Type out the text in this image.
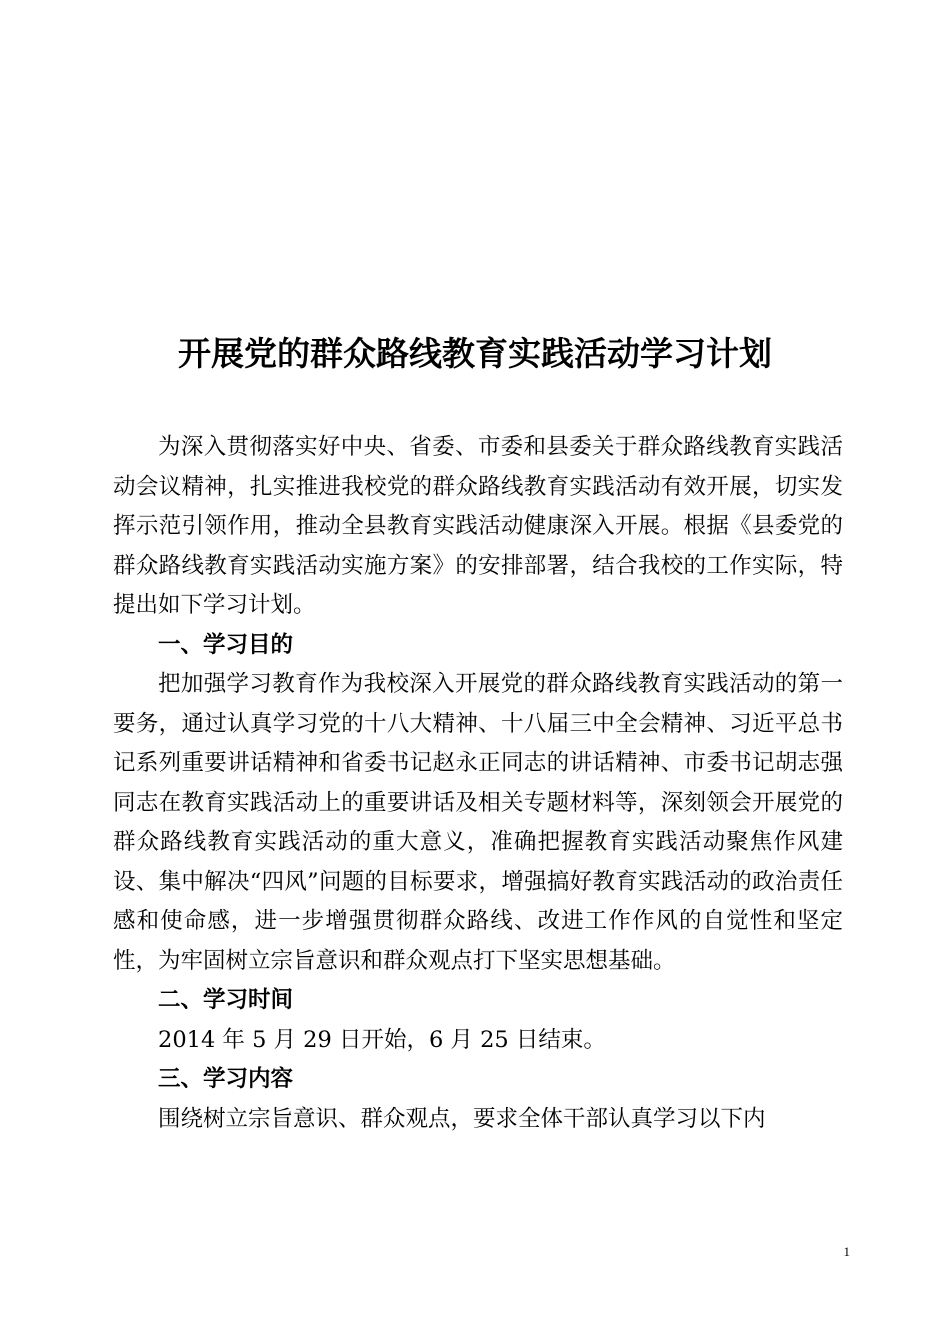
开展党的群众路线教育实践活动学习计划

为深入贯彻落实好中央、省委、市委和县委关于群众路线教育实践活动会议精神，扎实推进我校党的群众路线教育实践活动有效开展，切实发挥示范引领作用，推动全县教育实践活动健康深入开展。根据《县委党的群众路线教育实践活动实施方案》的安排部署，结合我校的工作实际，特提出如下学习计划。

一、学习目的

把加强学习教育作为我校深入开展党的群众路线教育实践活动的第一要务，通过认真学习党的十八大精神、十八届三中全会精神、习近平总书记系列重要讲话精神和省委书记赵永正同志的讲话精神、市委书记胡志强同志在教育实践活动上的重要讲话及相关专题材料等，深刻领会开展党的群众路线教育实践活动的重大意义，准确把握教育实践活动聚焦作风建设、集中解决“四风”问题的目标要求，增强搞好教育实践活动的政治责任感和使命感，进一步增强贯彻群众路线、改进工作作风的自觉性和坚定性，为牢固树立宗旨意识和群众观点打下坚实思想基础。

二、学习时间

2014 年 5 月 29 日开始，6 月 25 日结束。

三、学习内容

围绕树立宗旨意识、群众观点，要求全体干部认真学习以下内

1
